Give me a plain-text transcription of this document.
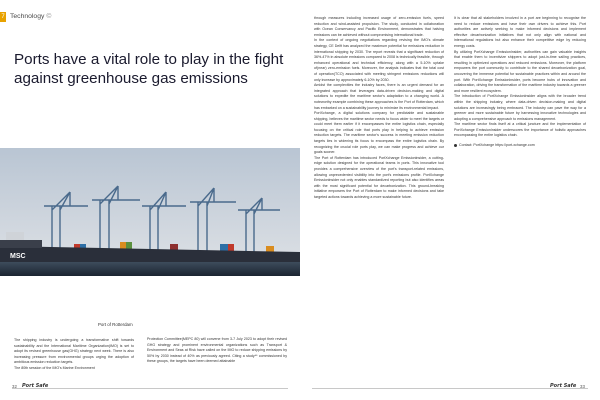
7 Technology ©
Ports have a vital role to play in the fight against greenhouse gas emissions
MSC
Port of Rotterdam

The shipping industry is undergoing a transformative shift towards sustainability and the International Maritime Organization(IMO) is set to adopt its revised greenhouse gas(GHG) strategy next week. There is also increasing pressure from environmental groups urging the adoption of ambitious emission reduction targets.

The 80th session of the IMO's Marine Environment

Protection Committee(MEPC 80) will convene from 3-7 July 2023 to adopt their revised GHG strategy and prominent environmental organizations such as Transport & Environment and Seas at Risk have called on the IMO to reduce shipping emissions by 50% by 2030 instead of 40% as previously agreed. Citing a study** commissioned by these groups, the targets have been deemed attainable

32 Port Safe	Port Safe 33

through measures including increased usage of zero-emission fuels, speed reduction and wind-assisted propulsion. The study, conducted in collaboration with Ocean Conservancy and Pacific Environment, demonstrates that halving emissions can be achieved without compromising international trade.

In the context of ongoing negotiations regarding revising the IMO's climate strategy, CE Delft has analyzed the maximum potential for emissions reduction in international shipping by 2030. The report reveals that a significant reduction of 36%-47% in absolute emissions compared to 2008 is technically feasible, through enhanced operational and technical efficiency, along with a 5-10% uptake of(near) zero-emission fuels. Moreover, the analysis indicates that the total cost of operation(TCO) associated with meeting stringent emissions reductions will only increase by approximately 6-10% by 2030.

Amidst the complexities the industry faces, there is an urgent demand for an integrated approach that leverages data-driven decision-making and digital solutions to expedite the maritime sector's adaptation to a changing world. A noteworthy example combining these approaches is the Port of Rotterdam, which has embarked on a sustainability journey to minimize its environmental impact.

PortXchange, a digital solutions company for predictable and sustainable shipping, believes the maritime sector needs to focus wider to meet the targets or could meet them earlier if it encompasses the entire logistics chain, especially focusing on the critical role that ports play in helping to achieve emission reduction targets. The maritime sector's success in meeting emission reduction targets lies in widening its focus to encompass the entire logistics chain. By recognizing the crucial role ports play, we can make progress and achieve our goals sooner.

The Port of Rotterdam has introduced PortXchange Emissionlnsider, a cutting-edge solution designed for the operational teams in ports. This innovative tool provides a comprehensive overview of the port's transport-related emissions, allowing unprecedented visibility into the port's emissions profile. PortXchange Emissionlnsider not only enables standardized reporting but also identifies areas with the most significant potential for decarbonization. This ground-breaking initiative empowers the Port of Rotterdam to make informed decisions and take targeted actions towards achieving a more sustainable future.

It is clear that all stakeholders involved in a port are beginning to recognise the need to reduce emissions and have their own drivers to achieve this. Port authorities are actively seeking to make informed decisions and implement effective decarbonization initiatives that not only align with national and international regulations but also enhance their competitive edge by reducing energy costs.

By utilizing PortXchange Emissionlnsider, authorities can gain valuable insights that enable them to incentivize shippers to adopt just-in-time sailing practices, resulting in optimized operations and reduced emissions. Moreover, the platform empowers the port community to contribute to the shared decarbonization goal, uncovering the immense potential for sustainable practices within and around the port. With PortXchange Emissionlnsider, ports become hubs of innovation and collaboration, driving the transformation of the maritime industry towards a greener and more resilient ecosystem.

The introduction of PortXchange Emissionlnsider aligns with the broader trend within the shipping industry, where data-driven decision-making and digital solutions are increasingly being embraced. The industry can pave the way for a greener and more sustainable future by harnessing innovative technologies and adopting a comprehensive approach to emissions management.

The maritime sector finds itself at a critical juncture and the implementation of PortXchange Emissionlnsider underscores the importance of holistic approaches encompassing the entire logistics chain.

Contact: PortXchange https://port-xchange.com
